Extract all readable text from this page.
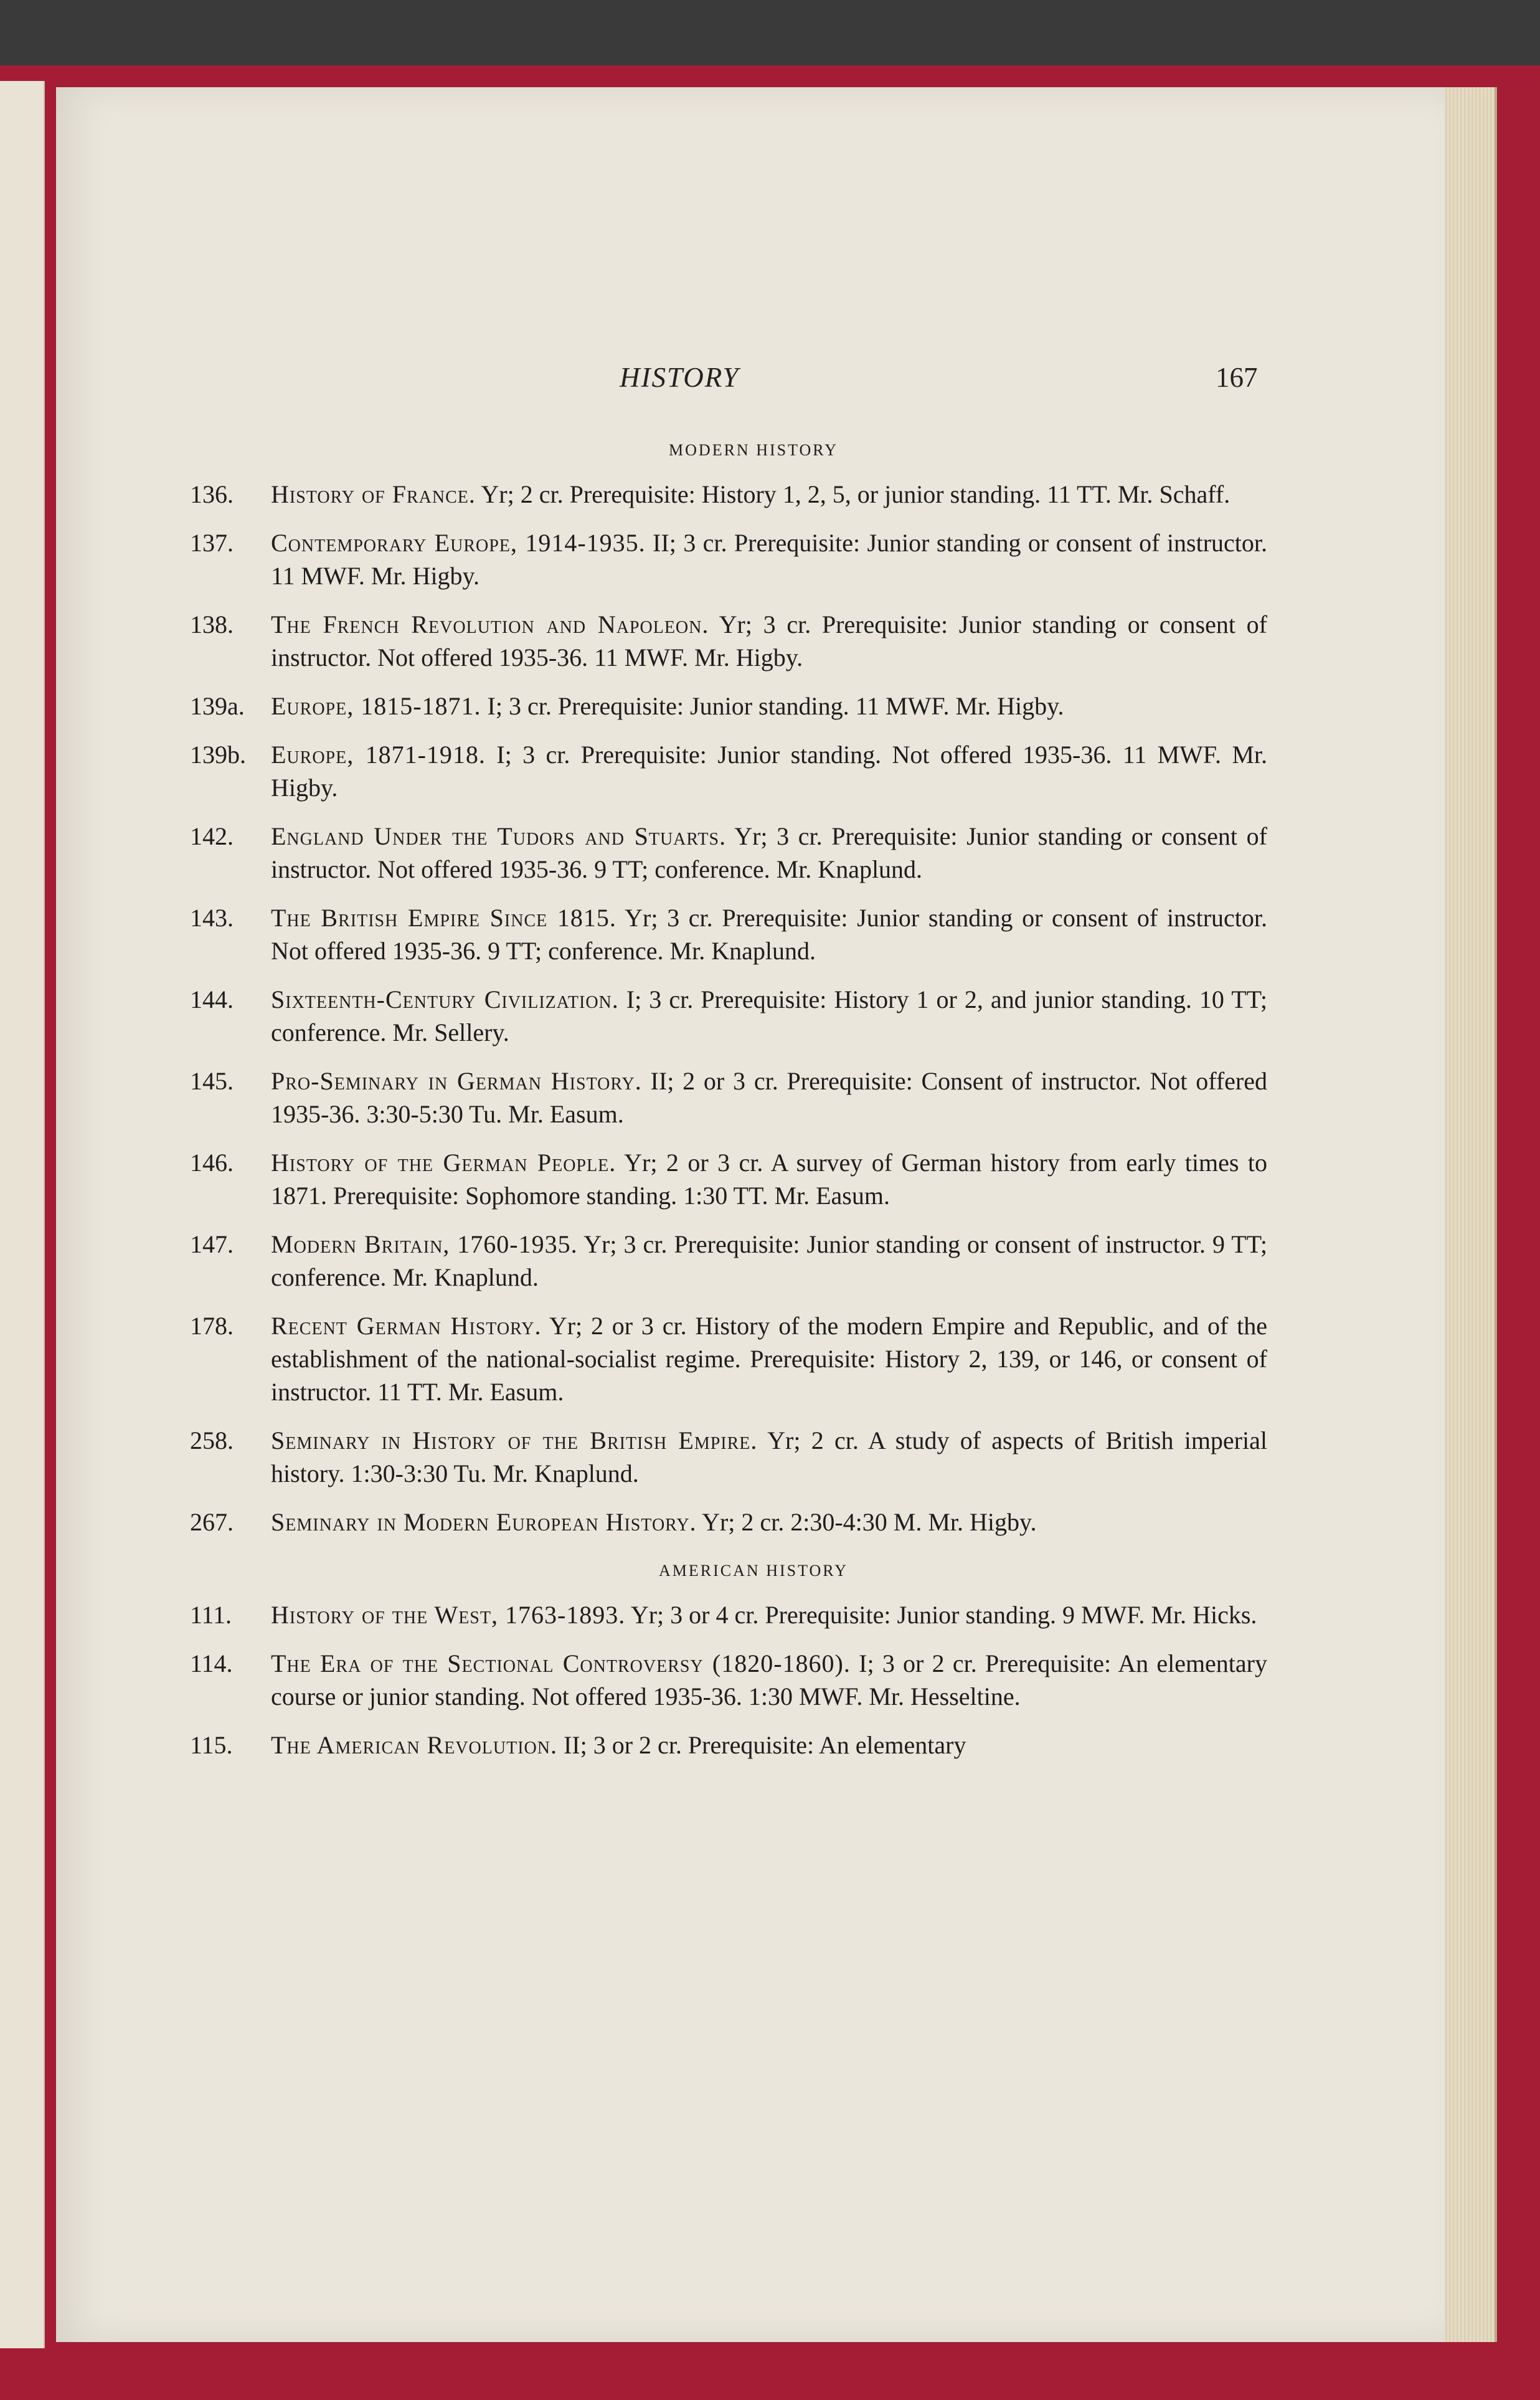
HISTORY	167
MODERN HISTORY
136. History of France. Yr; 2 cr. Prerequisite: History 1, 2, 5, or junior standing. 11 TT. Mr. Schaff.
137. Contemporary Europe, 1914-1935. II; 3 cr. Prerequisite: Junior standing or consent of instructor. 11 MWF. Mr. Higby.
138. The French Revolution and Napoleon. Yr; 3 cr. Prerequisite: Junior standing or consent of instructor. Not offered 1935-36. 11 MWF. Mr. Higby.
139a. Europe, 1815-1871. I; 3 cr. Prerequisite: Junior standing. 11 MWF. Mr. Higby.
139b. Europe, 1871-1918. I; 3 cr. Prerequisite: Junior standing. Not offered 1935-36. 11 MWF. Mr. Higby.
142. England Under the Tudors and Stuarts. Yr; 3 cr. Prerequisite: Junior standing or consent of instructor. Not offered 1935-36. 9 TT; conference. Mr. Knaplund.
143. The British Empire Since 1815. Yr; 3 cr. Prerequisite: Junior standing or consent of instructor. Not offered 1935-36. 9 TT; conference. Mr. Knaplund.
144. Sixteenth-Century Civilization. I; 3 cr. Prerequisite: History 1 or 2, and junior standing. 10 TT; conference. Mr. Sellery.
145. Pro-Seminary in German History. II; 2 or 3 cr. Prerequisite: Consent of instructor. Not offered 1935-36. 3:30-5:30 Tu. Mr. Easum.
146. History of the German People. Yr; 2 or 3 cr. A survey of German history from early times to 1871. Prerequisite: Sophomore standing. 1:30 TT. Mr. Easum.
147. Modern Britain, 1760-1935. Yr; 3 cr. Prerequisite: Junior standing or consent of instructor. 9 TT; conference. Mr. Knaplund.
178. Recent German History. Yr; 2 or 3 cr. History of the modern Empire and Republic, and of the establishment of the national-socialist regime. Prerequisite: History 2, 139, or 146, or consent of instructor. 11 TT. Mr. Easum.
258. Seminary in History of the British Empire. Yr; 2 cr. A study of aspects of British imperial history. 1:30-3:30 Tu. Mr. Knaplund.
267. Seminary in Modern European History. Yr; 2 cr. 2:30-4:30 M. Mr. Higby.
AMERICAN HISTORY
111. History of the West, 1763-1893. Yr; 3 or 4 cr. Prerequisite: Junior standing. 9 MWF. Mr. Hicks.
114. The Era of the Sectional Controversy (1820-1860). I; 3 or 2 cr. Prerequisite: An elementary course or junior standing. Not offered 1935-36. 1:30 MWF. Mr. Hesseltine.
115. The American Revolution. II; 3 or 2 cr. Prerequisite: An elementary
